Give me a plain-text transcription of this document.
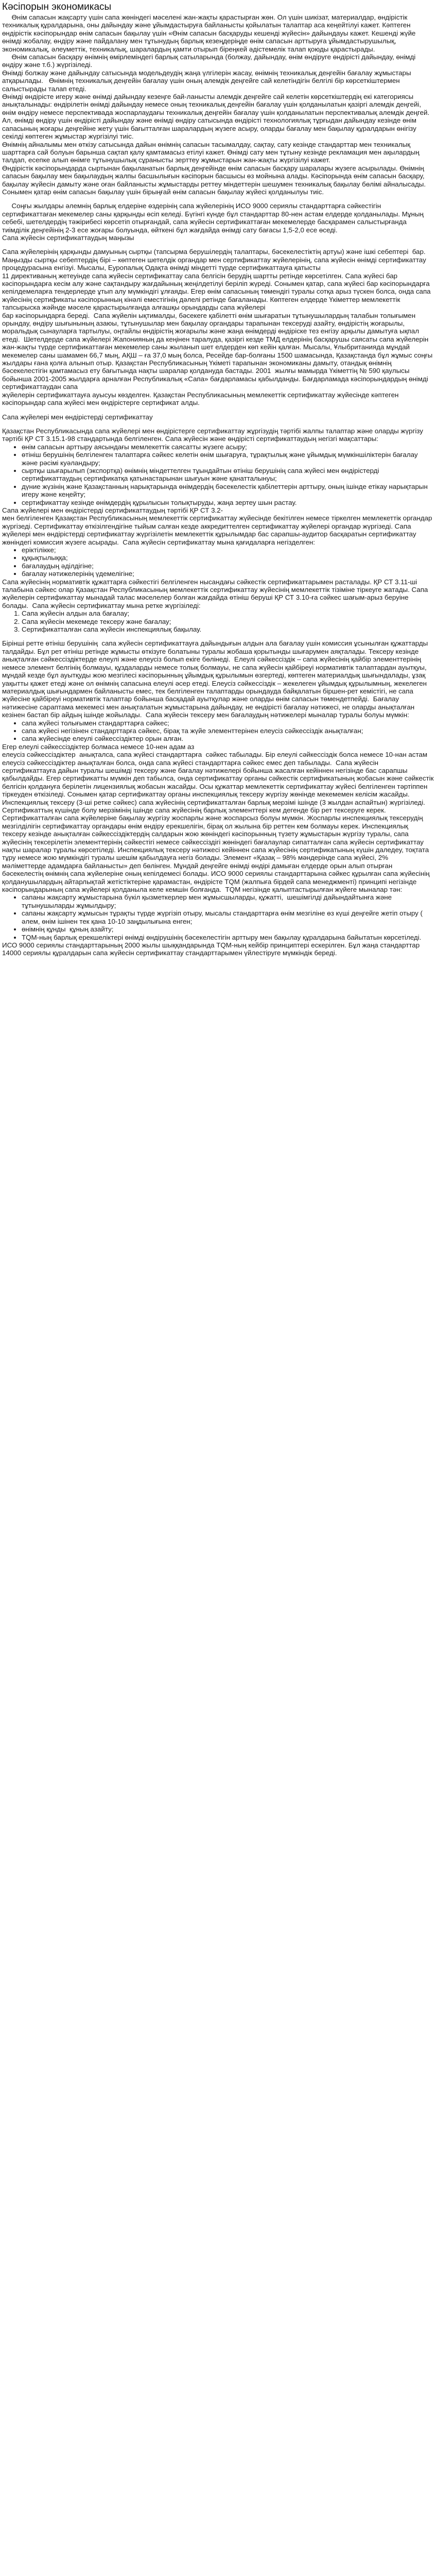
Кәсіпорын экономикасы

Өнім сапасын жақсарту үшін сапа жөніндегі мәселені жан-жақты қарастырған жөн. Ол үшін шикізат, материалдар, өндірістік техникалық құралдарына, оны дайындау және ұйымдастыруға байланысты қойылатын талаптар аса кеңейтілуі кажет. Кәптеген өндірістік кәсіпорындар өнім сапасын бақылау үшін «Өнім сапасын басқаруды кешенді жүйесін» дайындауы кажет. Кешенді жүйе өнімді жобалау, өндіру және пайдалану мен тұтынудың барлық кезеңдеріңде өнім сапасын арттыруға ұйымдастырушылық, экономикалық, әлеуметтік, техникалық, шаралардың қамти отырып біреңкей әдістемелік талап қоюды қарастырады.

Өнім сапасын басқару өнімнің өмірлеміндегі барлық сатыларында (болжау, дайындау, өнім өндіруге өндірісті дайындау, өнімді өндіру және т.б.) жүргізіледі.

Өнімді болжау және дайындау сатысында модельдеудің жаңа үлгілерін жасау, өнімнің техникалық деңгейін бағалау жұмыстары атқарылады.   Өнімнің техникалық деңгейін бағалау үшін оның алемдік деңгейге сай келетіндігін белгілі бір көрсеткіштермен салыстырады талап етеді.

Өнімді өндірісте игеру және өнімді дайындау кезеңге бай-ланысты алемдік деңгейге сай келетін көрсеткіштердің екі категориясы анықталынады: өндірілетін өнімді дайындау немесе оның техникалық деңгейін бағалау үшін қолданылатын қазіргі алемдік деңгейі, өнім өндіру немесе перспективада жоспарлаудағы техникалық деңгейін бағалау үшін қолданылатын перспективалық алемдік деңгей.

Ал, өнімді өндіру үшін өндірісті дайындау және өнімді өндіру сатысында өндірісті технологиялық тұрғыдан дайындау кезінде өнім сапасының жоғары деңгейіне жету үшін бағытталған шаралардың жүзеге асыру, оларды бағалау мен бақылау құралдарын өнігізу секілді көптеген жұмыстар жүргізілуі тиіс.

Өнімнің айналымы мен өткізу сатысында дайын өнімнің сапасын тасымалдау, сақтау, сату кезінде стандарттар мен техникалық шарттарға сай болуын барынша сақтап қалу қамтамасыз етілуі кажет. Өнімді сату мен тұтыну кезінде рекламация мен ақылардың талдап, есепке алып өнімге тұтынушылық сұранысты зерттеу жұмыстарын жан-жақты жүргізілуі кажет.

Өндірістік кәсіпорындарда сыртынан бақыланатын барлық деңгейінде өнім сапасын басқару шаралары жүзеге асырылады. Өнімнің сапасын бақылау мен бақылаудың жалпы басшылығын кәсіпорын басшысы өз мойнына алады. Кәсіпорында өнім сапасын басқару, бақылау жүйесін дамыту және оған байланысты жұмыстарды реттеу міндеттерін шешумен техникалық бақылау бөлімі айналысады.

Сонымен қатар өнім сапасын бақылау үшін бірыңғай өнім сапасын бақылау жүйесі қолданылуы тиіс.

Соңғы жылдары әлемнің барлық елдеріне өздерінің сапа жүйелерінің ИСО 9000 сериялы стандарттарға сәйкестігін сертификаттаған мекемелер саны қарқынды өсіп келеді. Бүгінгі күнде бұл стандарттар 80-нен астам елдерде қолданылады. Мұның себебі, шетелдердің тәжірибесі көрсетіп отырғандай, сапа жүйесін сертификаттаған мекемелерде басқарамен салыстырғанда тиімділік деңгейінің 2-3 есе жоғары болуында, өйткені бұл жағдайда өнімді сату бағасы 1,5-2,0 есе өседі.

Сапа жүйесін сертификаттаудың маңызы

Сапа жүйелерінің қарқынды дамуының сыртқы (тапсырма берушілердің талаптары, бәсекелестіктің артуы) және ішкі себептері  бар. Маңызды сыртқы себептердің бірі – көптеген шетелдік органдар мен сертификаттау жүйелерінің, сапа жүйесін өнімді сертификаттау процедурасына енгізуі. Мысалы, Еуропалық Одақта өнімді міндетті түрде сертификаттауға қатысты

11 директиваның жетеуінде сапа жүйесін сертификаттау сапа белгісін берудің шартты ретінде көрсетілген. Сапа жүйесі бар кәсіпорындарға кесім алу және сақтандыру жағдайының жеңілдетілуі беріліп жүреді. Сонымен қатар, сапа жүйесі бар кәсіпорындарға кепілдемеларға тендерлерде ұтып алу мүмкіндігі ұлғаяды. Егер өнім сапасының төмендігі туралы сотқа арыз түскен болса, онда сапа жүйесінің сертификаты кәсіпорынның кінәлі еместігінің дәлелі ретінде бағаланады. Көптеген елдерде Үкіметтер мемлекеттік тапсырыска жәйнде мәселе қарастырылғанда алғашқы орындарды сапа жүйелері

бар кәсіпорындарға береді.  Сапа жүйелін ықтималды, бәсекеге қабілетті өнім шығаратын тұтынушылардың талабын толығымен орындау, өндіру шығынының азаюы, тұтынушылар мен бақылау органдары тарапынан тексеруді азайту, өндірістің жоғарылы, моральдық сынауларға тартылуы, оңтайлы өндірістің жоғарылы және жаңа өнімдерді өндіріске тез енгізу арқылы дамытуға ықпал етеді.  Шетелдерде сапа жүйелері Жапонияның да кеңінен таралуда, қазіргі кезде ТМД елдерінің басқарушы саясаты сапа жүйелерін жан-жақты түрде сертификаттаған мекемелер саны жыланып шет елдерден көп кейін қалған. Мысалы, Ұлыбританияда мұндай мекемелер саны шамамен 66,7 мың, АҚШ – ға 37,0 мың болса, Ресейде бар-болғаны 1500 шамасында, Қазақстанда бұл жұмыс соңғы жылдары ғана қолға алынып отыр. Қазақстан Республикасының Үкіметі тарапынан экономиканы дамыту, отандық өнімнің бәсекелестігін қамтамасыз ету бағытында нақты шаралар қолдануда бастады. 2001  жылғы мамырда Үкіметтің № 590 қаулысы бойынша 2001-2005 жылдарға арналған Республикалық «Сапа» бағдарламасы қабылданды. Бағдарламада кәсіпорындардың өнімді сертификаттаудан сапа

жүйелерін сертификаттауға ауысуы көзделген. Қазақстан Республикасының мемлекеттік сертификаттау жүйесінде кәптеген кәсіпорындар сапа жүйесі мен өндірістерге сертификат алды.

Сапа жүйелері мен өндірістерді сертификаттау

Қазақстан Республикасында сапа жүйелері мен өндірістерге сертификаттау жұргізудің тәртібі жалпы талаптар және оларды жүргізу тәртібі ҚР СТ 3.15.1-98 стандартында белгіленген. Сапа жүйесін және өндірісті сертификаттаудың негізгі мақсаттары:

• өнім сапасын арттыру аясындағы мемлекеттік саясатты жүзеге асыру;
• өтініш берушінің белгіленген талаптарға сәйкес келетін өнім шығаруға, тұрақтылық және ұйымдық мүмкіншіліктерін бағалау және рәсімі куәландыру;
• сыртқы шығарылып (экспортқа) өнімнің міндеттелген тұындайтын өтініш берушінің сапа жүйесі мен өндірістерді сертификаттаудың сертификатқа қатынастарынан шығуын және қанатталынуы;
• дүние жүзінің және Қазақстанның нарықтарында өнімдердің бәсекелестік қабілеттерін арттыру, оның ішінде етікау нарықтарын игеру және кеңейту;
• сертификаттау кезінде өнімдердің құрылысын толықтыруды, жаңа зертеу шын растау.

Сапа жүйелері мен өндірістерді сертификаттаудың тәртібі ҚР СТ 3.2-

мен белгіленген Қазақстан Республикасының мемлекеттік сертификаттау жүйесінде бекітілген немесе тіркелген мемлекеттік органдар жүргізеді. Сертификаттау өткізілгендігіне тыйым салған кезде аккредиттелген сертификаттау жүйелері органдар жүргізеді. Сапа жүйелері мен өндірістерді сертификаттау жүргізілетін мемлекеттік құрылымдар бас сарапшы-аудитор басқаратын сертификаттау жөніндегі комиссия жүзеге асырады.  Сапа жүйесін сертификаттау мына қағидаларға негізделген:

• еріктілікке;
• құқықтылыққа;
• бағалаудың әділдігіне;
• бағалау нәтижелерінің үдемелігіне;

Сапа жүйесінің нормативтік құжаттарға сәйкестігі белгіленген нысандағы сәйкестік сертификаттарымен расталады. ҚР СТ 3.11-ші талабына сәйкес олар Қазақстан Республикасының мемлекеттік сертификаттау жүйесінің мемлекеттік тізіміне тіркеуге жатады. Сапа жүйелерін сертификаттау мынадай талас мәселелер болған жағдайда өтініш беруші ҚР СТ 3.10-ға сәйкес шағым-арыз беруіне болады.  Сапа жүйесін сертификаттау мына ретке жүргізіледі:

1. Сапа жүйесін алдын ала бағалау;
2. Сапа жүйесін мекемеде тексеру және бағалау;
3. Сертификатталған сапа жүйесін инспекциялық бақылау.

Бірінші ретте өтініш берушінің  сапа жүйесін сертификаттауға дайындығын алдын ала бағалау үшін комиссия ұсынылған құжаттарды талдайды. Бұл рет өтініш ретінде жұмысты өткізуге болатыны туралы жобаша қорытынды шығарумен аяқталады. Тексеру кезінде анықталған сәйкессіздіктерде елеулі және елеусіз болып екіге бөлінеді.  Елеулі сәйкессіздік – сапа жүйесінің қайбір элементтерінің немесе элемент белгінің болмауы, құздаларды немесе толық болмауы, не сапа жүйесін қайбіреуі нормативтік талаптардан ауытқуы, мұндай кезде бұл ауытқуды жою мезгілесі кәсіпорынның ұйымдық құрылымын өзгертеді, көптеген материалдық шығындалады, ұзақ уақытты қажет етеді және ол өнімнің сапасына елеулі әсер етеді. Елеусіз сәйкессіздік – жекелеген ұйымдық құрылымның, жекелеген материалдық шығындармен байланысты емес, тек белгіленген талаптарды орындауда байқалатын біршен-рет кемістігі, не сапа жүйесіне қайбіреуі нормативтік талаптар бойынша басқадай ауытқулар және оларды өнім сапасын төмендетпейді.  Бағалау нәтижесіне сараптама мекемесі мен анықталатын жұмыстарына дайындау, не өндірісті бағалау нәтижесі, не оларды анықталған кезінен бастап бір айдың ішінде жойылады.  Сапа жүйесін тексеру мен бағалаудың нәтижелері мыналар туралы болуы мүмкін:

• сапа жүйесі толығымен стандарттарға сәйкес;
• сапа жүйесі негізінен стандарттарға сәйкес, бірақ та жүйе элементтерінен елеусіз сәйкессіздік анықталған;
• сапа жүйесінде елеулі сәйкессіздіктер орын алған.

Егер елеулі сәйкессіздіктер болмаса немесе 10-нен адам аз

елеусіз сәйкессіздіктер  анықталса, сапа жүйесі стандарттарға  сәйкес табылады. Бір елеулі сәйкессіздік болса немесе 10-нан астам елеусіз сәйкессіздіктер анықталған болса, онда сапа жүйесі стандарттарға сәйкес емес деп табылады.  Сапа жүйесін сертификаттауға дайын туралы шешімді тексеру және бағалау нәтижелері бойынша жасалған кейіннен негізінде бас сарапшы қабылдайды. Егер сертификатты мүмкін деп табылса, онда сертификаттау органы сәйкестік сертификатының жобасын және сәйкестік белгісін қолдануға берілетін лицензиялық жобасын жасайды. Осы құжаттар мемлекеттік сертификаттау жүйесі белгіленген тәртіппен тіркеуден өткізіледі. Сонымен қатар сертификаттау органы инспекциялық тексеру жүргізу жөнінде мекемемен келісім жасайды. Инспекциялық тексеру (3-ші ретке сәйкес) сапа жүйесінің сертификатталған барлық мерзімі ішінде (3 жылдан аспайтын) жүргізіледі. Сертификаттың күшінде болу мерзімінің ішінде сапа жүйесінің барлық элементтері кем дегенде бір рет тексеруге керек. Сертификатталған сапа жүйелеріне бақылау жүргізу жоспарлы және жоспарсыз болуы мүмкін. Жоспарлы инспекциялық тексерудің мезгілділігін сертификаттау органдары өнім өндіру ерекшелігін, бірақ ол жылына бір реттен кем болмауы керек. Инспекциялық тексеру кезінде анықталған сәйкессіздіктердің салдарын жою жөніндегі кәсіпорынның түзету жұмыстарын жүргізу туралы, сапа жүйесінің тексерілетін элементтерінің сәйкестігі немесе сәйкессіздігі жөніндегі бағалаулар сипатталған сапа жүйесін сертификаттау нақты шаралар тұралы көрсетіледі. Инспекциялық тексеру нәтижесі кейіннен сапа жүйесінің сертификатының күшін даледеу, тоқтата тұру немесе жою мүмкіндігі туралы шешім қабылдауға негіз болады. Элемент «Қазақ – 98% мәндерінде сапа жүйесі, 2% мәліметтерде адамдарға байланысты» деп бөлінген. Мұндай деңгейге өнімді өндірі дамыған елдерде орын алып отырған бәсекелестің өнімнің сапа жүйелеріне оның кепілдемесі болады. ИСО 9000 сериялы стандарттарына сәйкес құрылған сапа жүйесінің қолданушылардың айтарлықтай жетістіктеріне қарамастан, өндірісте TQM (жалпыға бірдей сапа менеджменті) принципі негізінде кәсіпорындарының сапа жүйелері қолданыла келе кемшін болғанда.  TQM негізінде қалыптастырылған жүйеге мыналар тән:

• сапаны жақсарту жұмыстарына бүкіл қызметкерлер мен жұмысшыларды, құжатті,  шешімгілді дайындайтынға және тұтынушыларды жұмылдыру;
• сапаны жақсарту жұмысын тұрақты түрде жүргізіп отыру, мысалы стандарттарға өнім мезгіліне өз күші деңгейге жетіп отыру ( әлем, өнім ішінен тек қана 10-10 заңдылығына енген;
• өнімнің құнды  құның азайту;
• TQM-ның барлық ерекшеліктері өнімді өндірушінің бәсекелестігін арттыру мен бақылау құралдарына байытатын көрсетіледі.

ИСО 9000 сериялы стандарттарының 2000 жылы шыққандарында TQM-ның кейбір принциптері ескерілген. Бұл жаңа стандарттар 14000 сериялы құралдарын сапа жүйесін сертификаттау стандарттарымен үйлестіруге мүмкіндік береді.
